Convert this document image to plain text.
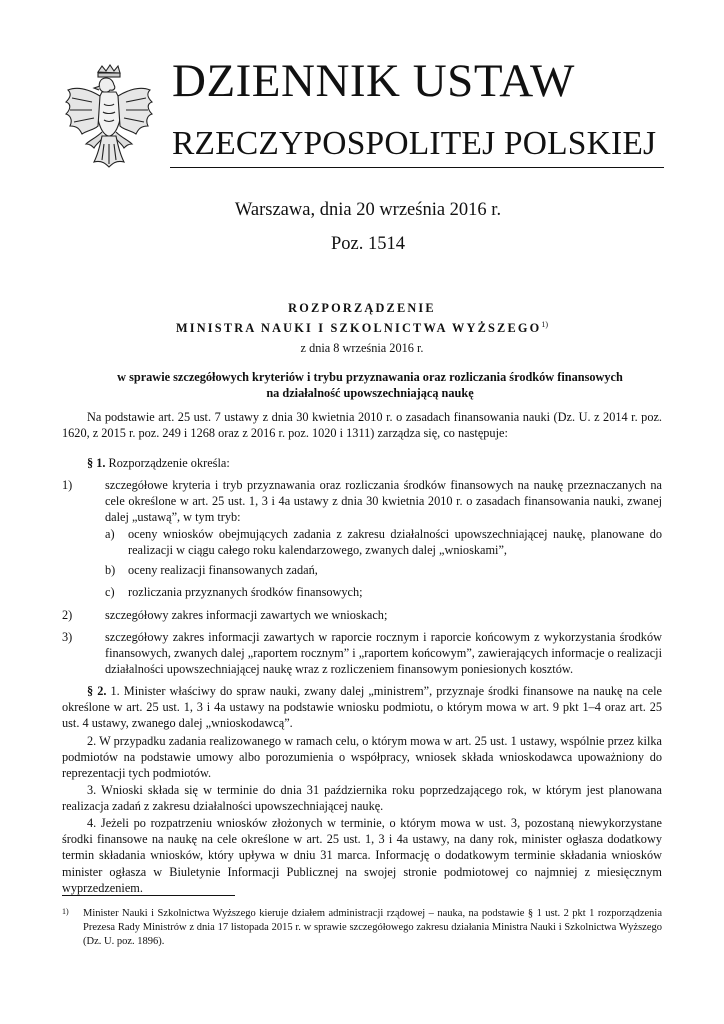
DZIENNIK USTAW
RZECZYPOSPOLITEJ POLSKIEJ
Warszawa, dnia 20 września 2016 r.
Poz. 1514
ROZPORZĄDZENIE
MINISTRA NAUKI I SZKOLNICTWA WYŻSZEGO$^{1)}$
z dnia 8 września 2016 r.
w sprawie szczegółowych kryteriów i trybu przyznawania oraz rozliczania środków finansowych
na działalność upowszechniającą naukę
Na podstawie art. 25 ust. 7 ustawy z dnia 30 kwietnia 2010 r. o zasadach finansowania nauki (Dz. U. z 2014 r. poz. 1620, z 2015 r. poz. 249 i 1268 oraz z 2016 r. poz. 1020 i 1311) zarządza się, co następuje:
§ 1. Rozporządzenie określa:
1)	szczegółowe kryteria i tryb przyznawania oraz rozliczania środków finansowych na naukę przeznaczanych na cele określone w art. 25 ust. 1, 3 i 4a ustawy z dnia 30 kwietnia 2010 r. o zasadach finansowania nauki, zwanej dalej „ustawą”, w tym tryb:
a) oceny wniosków obejmujących zadania z zakresu działalności upowszechniającej naukę, planowane do realizacji w ciągu całego roku kalendarzowego, zwanych dalej „wnioskami”,
b) oceny realizacji finansowanych zadań,
c) rozliczania przyznanych środków finansowych;
2)	szczegółowy zakres informacji zawartych we wnioskach;
3)	szczegółowy zakres informacji zawartych w raporcie rocznym i raporcie końcowym z wykorzystania środków finansowych, zwanych dalej „raportem rocznym” i „raportem końcowym”, zawierających informacje o realizacji działalności upowszechniającej naukę wraz z rozliczeniem finansowym poniesionych kosztów.
§ 2. 1. Minister właściwy do spraw nauki, zwany dalej „ministrem”, przyznaje środki finansowe na naukę na cele określone w art. 25 ust. 1, 3 i 4a ustawy na podstawie wniosku podmiotu, o którym mowa w art. 9 pkt 1–4 oraz art. 25 ust. 4 ustawy, zwanego dalej „wnioskodawcą”.
2. W przypadku zadania realizowanego w ramach celu, o którym mowa w art. 25 ust. 1 ustawy, wspólnie przez kilka podmiotów na podstawie umowy albo porozumienia o współpracy, wniosek składa wnioskodawca upoważniony do reprezentacji tych podmiotów.
3. Wnioski składa się w terminie do dnia 31 października roku poprzedzającego rok, w którym jest planowana realizacja zadań z zakresu działalności upowszechniającej naukę.
4. Jeżeli po rozpatrzeniu wniosków złożonych w terminie, o którym mowa w ust. 3, pozostaną niewykorzystane środki finansowe na naukę na cele określone w art. 25 ust. 1, 3 i 4a ustawy, na dany rok, minister ogłasza dodatkowy termin składania wniosków, który upływa w dniu 31 marca. Informację o dodatkowym terminie składania wniosków minister ogłasza w Biuletynie Informacji Publicznej na swojej stronie podmiotowej co najmniej z miesięcznym wyprzedzeniem.
1) Minister Nauki i Szkolnictwa Wyższego kieruje działem administracji rządowej – nauka, na podstawie § 1 ust. 2 pkt 1 rozporządzenia Prezesa Rady Ministrów z dnia 17 listopada 2015 r. w sprawie szczegółowego zakresu działania Ministra Nauki i Szkolnictwa Wyższego (Dz. U. poz. 1896).
